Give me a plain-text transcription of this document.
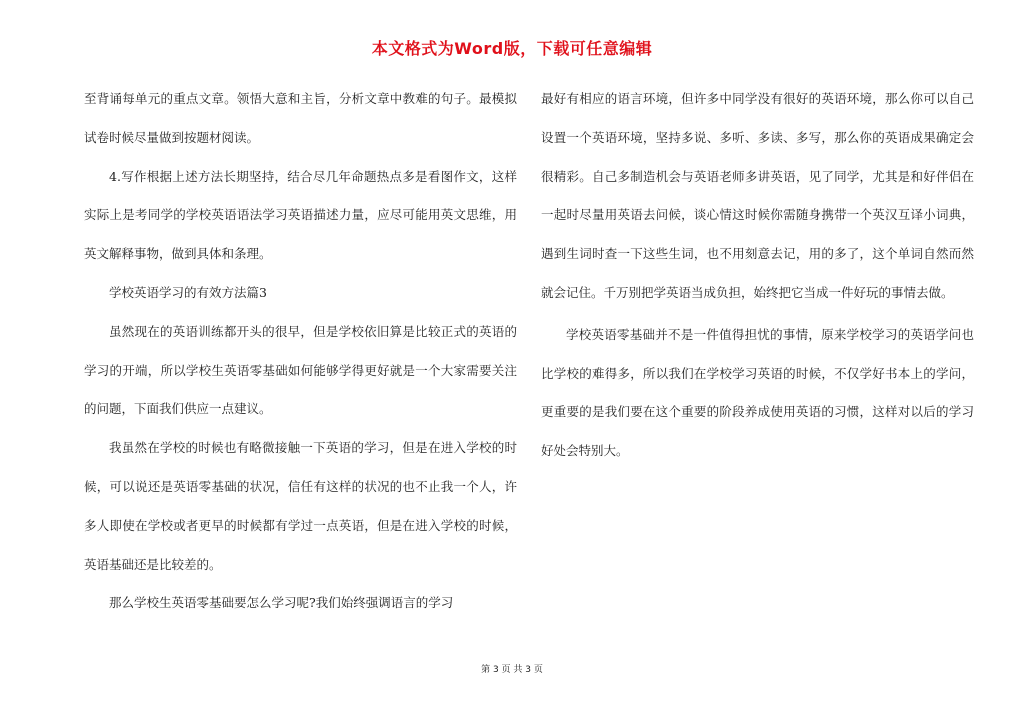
本文格式为Word版，下载可任意编辑

至背诵每单元的重点文章。领悟大意和主旨，分析文章中教难的句子。最模拟试卷时候尽量做到按题材阅读。

4.写作根据上述方法长期坚持，结合尽几年命题热点多是看图作文，这样实际上是考同学的学校英语语法学习英语描述力量，应尽可能用英文思维，用英文解释事物，做到具体和条理。

学校英语学习的有效方法篇3

虽然现在的英语训练都开头的很早，但是学校依旧算是比较正式的英语的学习的开端，所以学校生英语零基础如何能够学得更好就是一个大家需要关注的问题，下面我们供应一点建议。

我虽然在学校的时候也有略微接触一下英语的学习，但是在进入学校的时候，可以说还是英语零基础的状况，信任有这样的状况的也不止我一个人，许多人即使在学校或者更早的时候都有学过一点英语，但是在进入学校的时候，英语基础还是比较差的。

那么学校生英语零基础要怎么学习呢?我们始终强调语言的学习

最好有相应的语言环境，但许多中同学没有很好的英语环境，那么你可以自己设置一个英语环境，坚持多说、多听、多读、多写，那么你的英语成果确定会很精彩。自己多制造机会与英语老师多讲英语，见了同学，尤其是和好伴侣在一起时尽量用英语去问候，谈心情这时候你需随身携带一个英汉互译小词典，遇到生词时查一下这些生词，也不用刻意去记，用的多了，这个单词自然而然就会记住。千万别把学英语当成负担，始终把它当成一件好玩的事情去做。

学校英语零基础并不是一件值得担忧的事情，原来学校学习的英语学问也比学校的难得多，所以我们在学校学习英语的时候，不仅学好书本上的学问，更重要的是我们要在这个重要的阶段养成使用英语的习惯，这样对以后的学习好处会特别大。

第 3 页 共 3 页
